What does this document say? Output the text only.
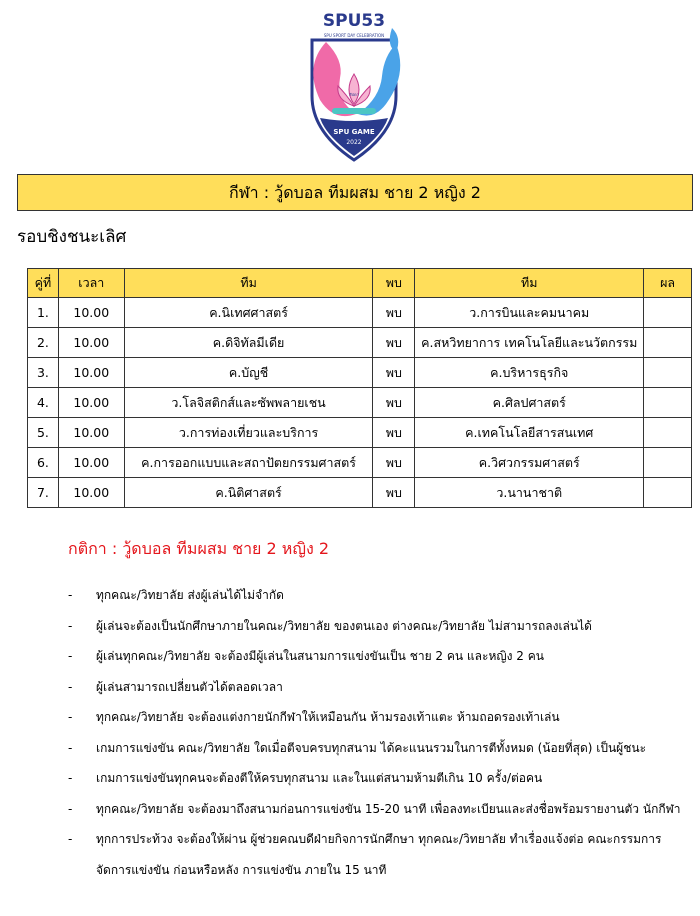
SPU53
SPU SPORT DAY CELEBRATION
สัปดา
SPU GAME
2022
กีฬา : วู้ดบอล ทีมผสม ชาย 2 หญิง 2
รอบชิงชนะเลิศ
คู่ที่	เวลา	ทีม	พบ	ทีม	ผล
1.	10.00	ค.นิเทศศาสตร์	พบ	ว.การบินและคมนาคม	
2.	10.00	ค.ดิจิทัลมีเดีย	พบ	ค.สหวิทยาการ เทคโนโลยีและนวัตกรรม	
3.	10.00	ค.บัญชี	พบ	ค.บริหารธุรกิจ	
4.	10.00	ว.โลจิสติกส์และซัพพลายเชน	พบ	ค.ศิลปศาสตร์	
5.	10.00	ว.การท่องเที่ยวและบริการ	พบ	ค.เทคโนโลยีสารสนเทศ	
6.	10.00	ค.การออกแบบและสถาปัตยกรรมศาสตร์	พบ	ค.วิศวกรรมศาสตร์	
7.	10.00	ค.นิติศาสตร์	พบ	ว.นานาชาติ	
กติกา : วู้ดบอล ทีมผสม ชาย 2 หญิง 2
- ทุกคณะ/วิทยาลัย ส่งผู้เล่นได้ไม่จำกัด
- ผู้เล่นจะต้องเป็นนักศึกษาภายในคณะ/วิทยาลัย ของตนเอง ต่างคณะ/วิทยาลัย ไม่สามารถลงเล่นได้
- ผู้เล่นทุกคณะ/วิทยาลัย จะต้องมีผู้เล่นในสนามการแข่งขันเป็น ชาย 2 คน และหญิง 2 คน
- ผู้เล่นสามารถเปลี่ยนตัวได้ตลอดเวลา
- ทุกคณะ/วิทยาลัย จะต้องแต่งกายนักกีฬาให้เหมือนกัน ห้ามรองเท้าแตะ ห้ามถอดรองเท้าเล่น
- เกมการแข่งขัน คณะ/วิทยาลัย ใดเมื่อตีจบครบทุกสนาม ได้คะแนนรวมในการตีทั้งหมด (น้อยที่สุด) เป็นผู้ชนะ
- เกมการแข่งขันทุกคนจะต้องตีให้ครบทุกสนาม และในแต่สนามห้ามตีเกิน 10 ครั้ง/ต่อคน
- ทุกคณะ/วิทยาลัย จะต้องมาถึงสนามก่อนการแข่งขัน 15-20 นาที เพื่อลงทะเบียนและส่งชื่อพร้อมรายงานตัว นักกีฬา
- ทุกการประท้วง จะต้องให้ผ่าน ผู้ช่วยคณบดีฝ่ายกิจการนักศึกษา ทุกคณะ/วิทยาลัย ทำเรื่องแจ้งต่อ คณะกรรมการจัดการแข่งขัน ก่อนหรือหลัง การแข่งขัน ภายใน 15 นาที
